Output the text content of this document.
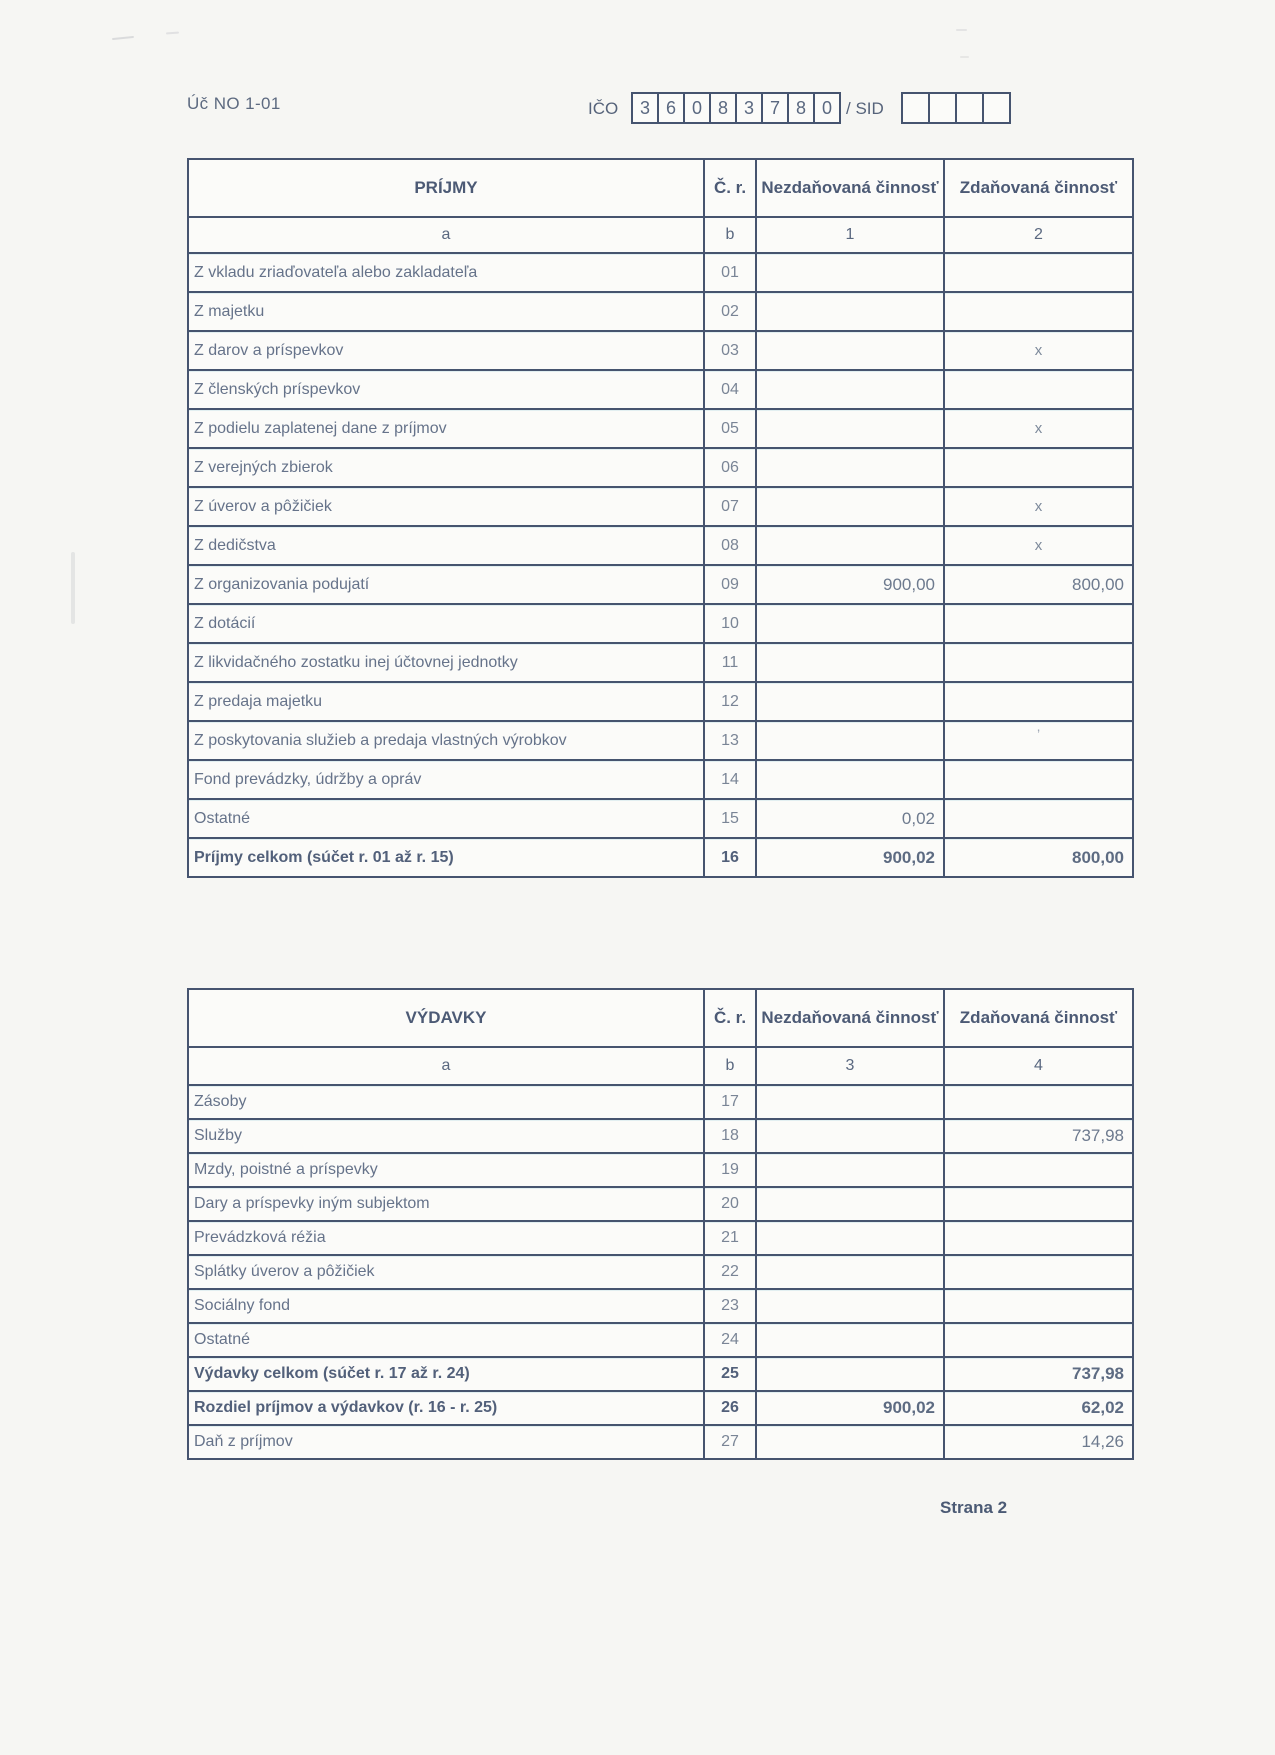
Úč NO 1-01	IČO	3 6 0 8 3 7 8 0 / SID
PRÍJMY	Č. r.	Nezdaňovaná činnosť	Zdaňovaná činnosť
a	b	1	2
Z vkladu zriaďovateľa alebo zakladateľa	01		
Z majetku	02		
Z darov a príspevkov	03		x
Z členských príspevkov	04		
Z podielu zaplatenej dane z príjmov	05		x
Z verejných zbierok	06		
Z úverov a pôžičiek	07		x
Z dedičstva	08		x
Z organizovania podujatí	09	900,00	800,00
Z dotácií	10		
Z likvidačného zostatku inej účtovnej jednotky	11		
Z predaja majetku	12		
Z poskytovania služieb a predaja vlastných výrobkov	13		’
Fond prevádzky, údržby a opráv	14		
Ostatné	15	0,02	
Príjmy celkom (súčet r. 01 až r. 15)	16	900,02	800,00
VÝDAVKY	Č. r.	Nezdaňovaná činnosť	Zdaňovaná činnosť
a	b	3	4
Zásoby	17		
Služby	18		737,98
Mzdy, poistné a príspevky	19		
Dary a príspevky iným subjektom	20		
Prevádzková réžia	21		
Splátky úverov a pôžičiek	22		
Sociálny fond	23		
Ostatné	24		
Výdavky celkom (súčet r. 17 až r. 24)	25		737,98
Rozdiel príjmov a výdavkov (r. 16 - r. 25)	26	900,02	62,02
Daň z príjmov	27		14,26
Strana 2
